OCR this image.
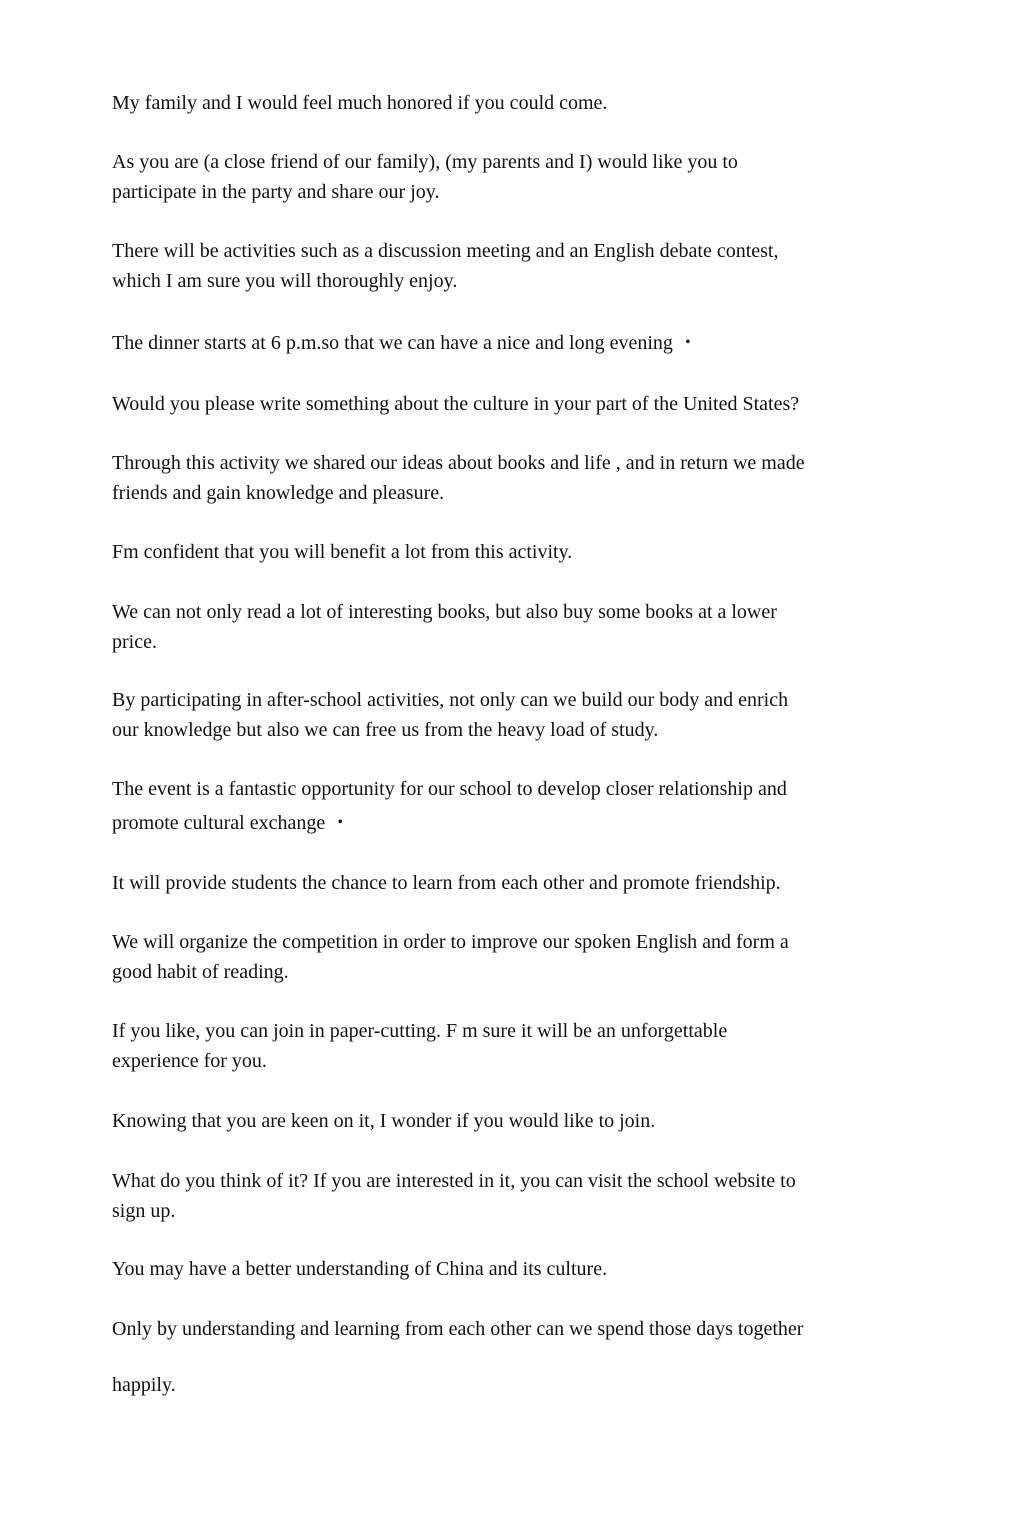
My family and I would feel much honored if you could come.

As you are (a close friend of our family), (my parents and I) would like you to
participate in the party and share our joy.

There will be activities such as a discussion meeting and an English debate contest,
which I am sure you will thoroughly enjoy.

The dinner starts at 6 p.m.so that we can have a nice and long evening ・

Would you please write something about the culture in your part of the United States?

Through this activity we shared our ideas about books and life , and in return we made
friends and gain knowledge and pleasure.

Fm confident that you will benefit a lot from this activity.

We can not only read a lot of interesting books, but also buy some books at a lower
price.

By participating in after-school activities, not only can we build our body and enrich
our knowledge but also we can free us from the heavy load of study.

The event is a fantastic opportunity for our school to develop closer relationship and
promote cultural exchange ・

It will provide students the chance to learn from each other and promote friendship.

We will organize the competition in order to improve our spoken English and form a
good habit of reading.

If you like, you can join in paper-cutting. F m sure it will be an unforgettable
experience for you.

Knowing that you are keen on it, I wonder if you would like to join.

What do you think of it? If you are interested in it, you can visit the school website to
sign up.

You may have a better understanding of China and its culture.

Only by understanding and learning from each other can we spend those days together

happily.
